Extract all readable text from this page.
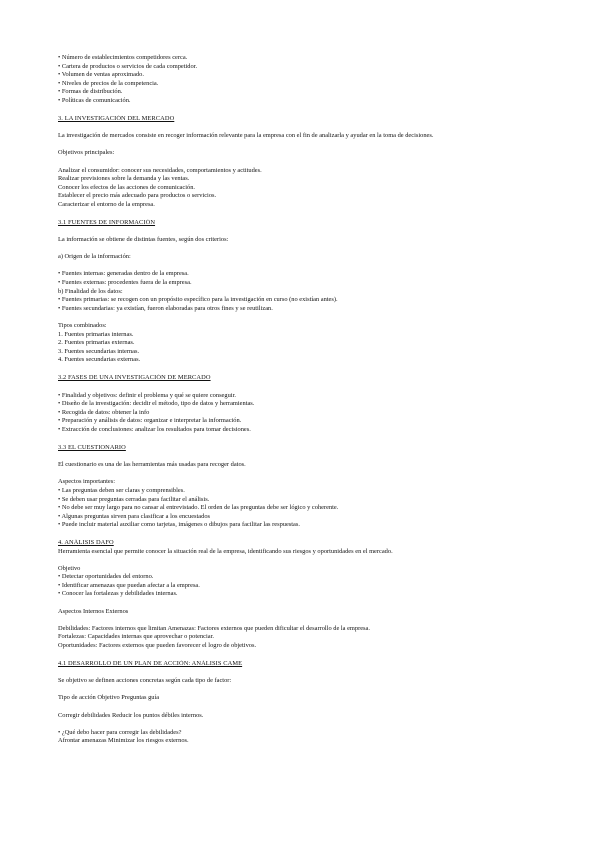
• Número de establecimientos competidores cerca.
• Cartera de productos o servicios de cada competidor.
• Volumen de ventas aproximado.
• Niveles de precios de la competencia.
• Formas de distribución.
• Políticas de comunicación.
3. LA INVESTIGACIÓN DEL MERCADO
La investigación de mercados consiste en recoger información relevante para la empresa con el fin de analizarla y ayudar en la toma de decisiones.
Objetivos principales:
Analizar el consumidor: conocer sus necesidades, comportamientos y actitudes.
Realizar previsiones sobre la demanda y las ventas.
Conocer los efectos de las acciones de comunicación.
Establecer el precio más adecuado para productos o servicios.
Caracterizar el entorno de la empresa.
3.1 FUENTES DE INFORMACIÓN
La información se obtiene de distintas fuentes, según dos criterios:
a) Origen de la información:
• Fuentes internas: generadas dentro de la empresa.
• Fuentes externas: procedentes fuera de la empresa.
b) Finalidad de los datos:
• Fuentes primarias: se recogen con un propósito específico para la investigación en curso (no existían antes).
• Fuentes secundarias: ya existían, fueron elaboradas para otros fines y se reutilizan.
Tipos combinados:
1. Fuentes primarias internas.
2. Fuentes primarias externas.
3. Fuentes secundarias internas.
4. Fuentes secundarias externas.
3.2 FASES DE UNA INVESTIGACIÓN DE MERCADO
• Finalidad y objetivos: definir el problema y qué se quiere conseguir.
• Diseño de la investigación: decidir el método, tipo de datos y herramientas.
• Recogida de datos: obtener la info
• Preparación y análisis de datos: organizar e interpretar la información.
• Extracción de conclusiones: analizar los resultados para tomar decisiones.
3.3 EL CUESTIONARIO
El cuestionario es una de las herramientas más usadas para recoger datos.
Aspectos importantes:
• Las preguntas deben ser claras y comprensibles.
• Se deben usar preguntas cerradas para facilitar el análisis.
• No debe ser muy largo para no cansar al entrevistado. El orden de las preguntas debe ser lógico y coherente.
• Algunas preguntas sirven para clasificar a los encuestados
• Puede incluir material auxiliar como tarjetas, imágenes o dibujos para facilitar las respuestas.
4. ANÁLISIS DAFO
Herramienta esencial que permite conocer la situación real de la empresa, identificando sus riesgos y oportunidades en el mercado.
Objetivo
• Detectar oportunidades del entorno.
• Identificar amenazas que puedan afectar a la empresa.
• Conocer las fortalezas y debilidades internas.
Aspectos Internos Externos
Debilidades: Factores internos que limitan Amenazas: Factores externos que pueden dificultar el desarrollo de la empresa.
Fortalezas: Capacidades internas que aprovechar o potenciar.
Oportunidades: Factores externos que pueden favorecer el logro de objetivos.
4.1 DESARROLLO DE UN PLAN DE ACCIÓN: ANÁLISIS CAME
Se objetivo se definen acciones concretas según cada tipo de factor:
Tipo de acción Objetivo Preguntas guía
Corregir debilidades Reducir los puntos débiles internos.
• ¿Qué debo hacer para corregir las debilidades?
Afrontar amenazas Minimizar los riesgos externos.
